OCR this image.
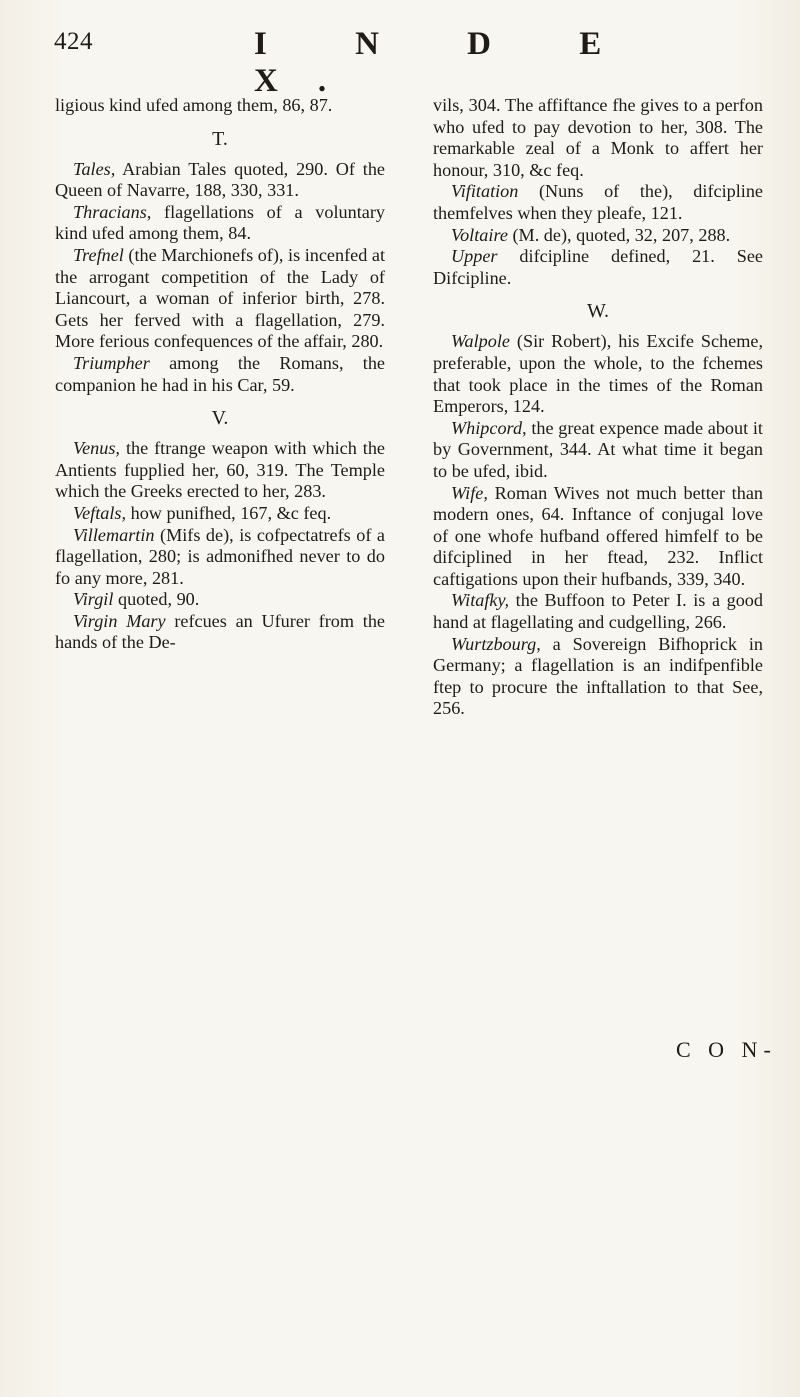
424	I N D E X.

ligious kind ufed among them, 86, 87.

T.

Tales, Arabian Tales quoted, 290. Of the Queen of Navarre, 188, 330, 331.

Thracians, flagellations of a voluntary kind ufed among them, 84.

Trefnel (the Marchionefs of), is incenfed at the arrogant competition of the Lady of Liancourt, a woman of inferior birth, 278. Gets her ferved with a flagellation, 279. More ferious confequences of the affair, 280.

Triumpher among the Romans, the companion he had in his Car, 59.

V.

Venus, the ftrange weapon with which the Antients fupplied her, 60, 319. The Temple which the Greeks erected to her, 283.

Veftals, how punifhed, 167, &c feq.

Villemartin (Mifs de), is cofpectatrefs of a flagellation, 280; is admonifhed never to do fo any more, 281.

Virgil quoted, 90.

Virgin Mary refcues an Ufurer from the hands of the De-

vils, 304. The affiftance fhe gives to a perfon who ufed to pay devotion to her, 308. The remarkable zeal of a Monk to affert her honour, 310, &c feq.

Vifitation (Nuns of the), difcipline themfelves when they pleafe, 121.

Voltaire (M. de), quoted, 32, 207, 288.

Upper difcipline defined, 21. See Difcipline.

W.

Walpole (Sir Robert), his Excife Scheme, preferable, upon the whole, to the fchemes that took place in the times of the Roman Emperors, 124.

Whipcord, the great expence made about it by Government, 344. At what time it began to be ufed, ibid.

Wife, Roman Wives not much better than modern ones, 64. Inftance of conjugal love of one whofe hufband offered himfelf to be difciplined in her ftead, 232. Inflict caftigations upon their hufbands, 339, 340.

Witafky, the Buffoon to Peter I. is a good hand at flagellating and cudgelling, 266.

Wurtzbourg, a Sovereign Bifhoprick in Germany; a flagellation is an indifpenfible ftep to procure the inftallation to that See, 256.

C O N-
